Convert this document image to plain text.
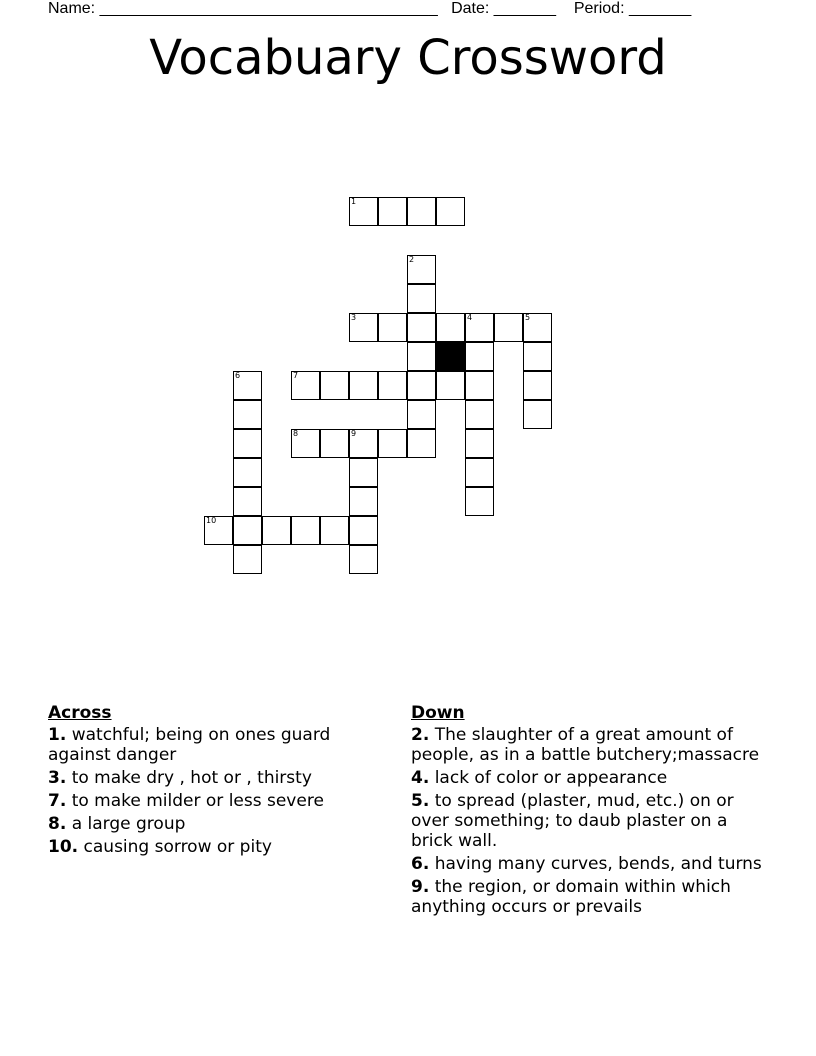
Name: ______________________________________ Date: _______ Period: _______
Vocabuary Crossword
1
2
3	4	5
6	7
8	9
10
Across
1. watchful; being on ones guard against danger
3. to make dry , hot or , thirsty
7. to make milder or less severe
8. a large group
10. causing sorrow or pity
Down
2. The slaughter of a great amount of people, as in a battle butchery;massacre
4. lack of color or appearance
5. to spread (plaster, mud, etc.) on or over something; to daub plaster on a brick wall.
6. having many curves, bends, and turns
9. the region, or domain within which anything occurs or prevails
